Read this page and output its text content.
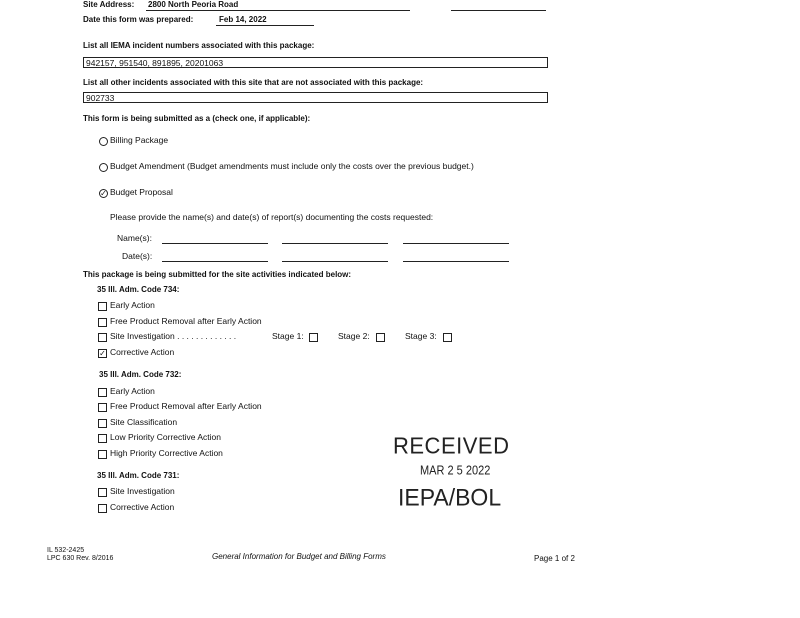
Site Address: 2800 North Peoria Road
Date this form was prepared:	Feb 14, 2022
List all IEMA incident numbers associated with this package:
942157, 951540, 891895, 20201063
List all other incidents associated with this site that are not associated with this package:
902733
This form is being submitted as a (check one, if applicable):
Billing Package
Budget Amendment (Budget amendments must include only the costs over the previous budget.)
✓ Budget Proposal
Please provide the name(s) and date(s) of report(s) documenting the costs requested:
Name(s):
Date(s):
This package is being submitted for the site activities indicated below:
35 Ill. Adm. Code 734:
Early Action
Free Product Removal after Early Action
Site Investigation . . . . . . . . . . . . .	Stage 1:	Stage 2:	Stage 3:
✓ Corrective Action
35 Ill. Adm. Code 732:
Early Action
Free Product Removal after Early Action
Site Classification
Low Priority Corrective Action
High Priority Corrective Action
35 Ill. Adm. Code 731:
Site Investigation
Corrective Action
RECEIVED
MAR 2 5 2022
IEPA/BOL
IL 532-2425
LPC 630 Rev. 8/2016	General Information for Budget and Billing Forms	Page 1 of 2
